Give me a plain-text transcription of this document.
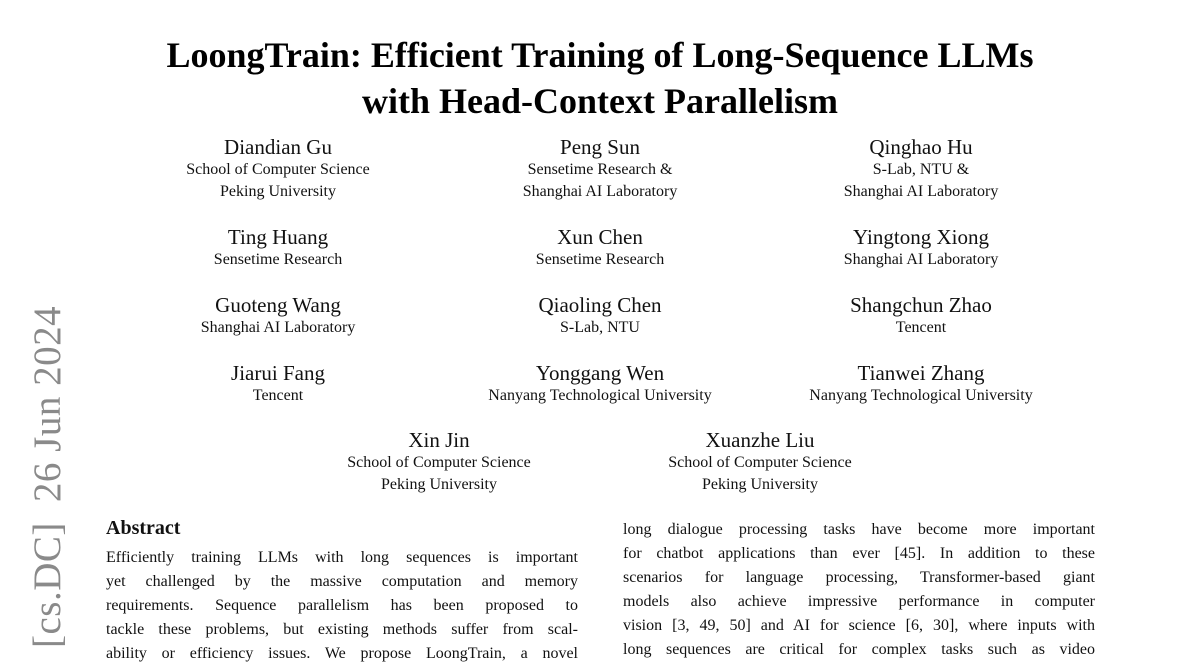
[cs.DC]26 Jun 2024
LoongTrain: Efficient Training of Long-Sequence LLMs
with Head-Context Parallelism
Diandian Gu
School of Computer Science
Peking University
Peng Sun
Sensetime Research &
Shanghai AI Laboratory
Qinghao Hu
S-Lab, NTU &
Shanghai AI Laboratory
Ting Huang
Sensetime Research
Xun Chen
Sensetime Research
Yingtong Xiong
Shanghai AI Laboratory
Guoteng Wang
Shanghai AI Laboratory
Qiaoling Chen
S-Lab, NTU
Shangchun Zhao
Tencent
Jiarui Fang
Tencent
Yonggang Wen
Nanyang Technological University
Tianwei Zhang
Nanyang Technological University
Xin Jin
School of Computer Science
Peking University
Xuanzhe Liu
School of Computer Science
Peking University
Abstract
Efficiently training LLMs with long sequences is important
yet challenged by the massive computation and memory
requirements. Sequence parallelism has been proposed to
tackle these problems, but existing methods suffer from scal-
ability or efficiency issues. We propose LoongTrain, a novel
long dialogue processing tasks have become more important
for chatbot applications than ever [45]. In addition to these
scenarios for language processing, Transformer-based giant
models also achieve impressive performance in computer
vision [3, 49, 50] and AI for science [6, 30], where inputs with
long sequences are critical for complex tasks such as video
